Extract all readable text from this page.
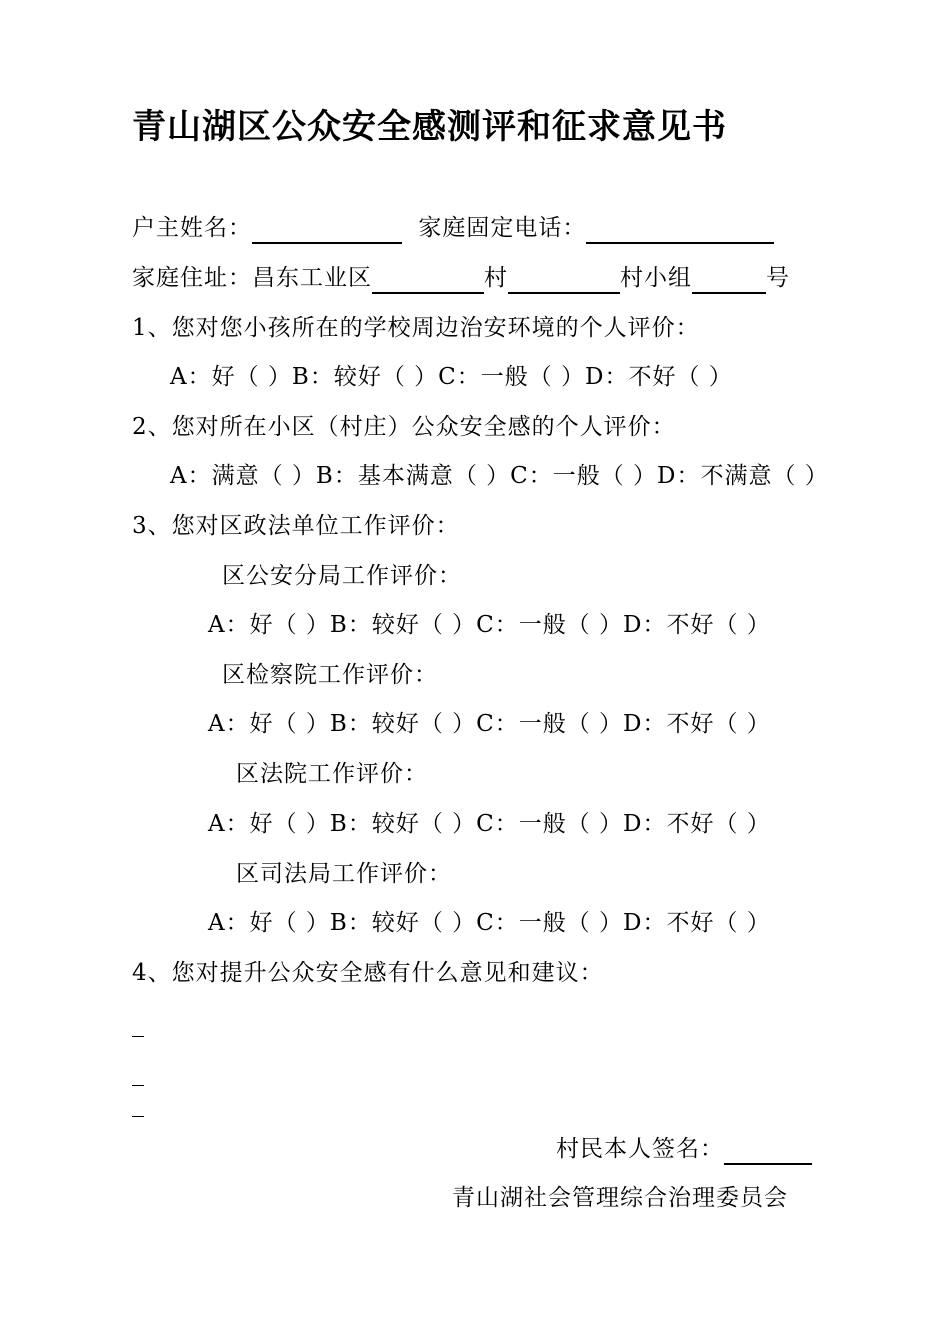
青山湖区公众安全感测评和征求意见书
户主姓名：	家庭固定电话：
家庭住址：昌东工业区	村	村小组	号
1、您对您小孩所在的学校周边治安环境的个人评价：
A：好（ ）B：较好（ ）C：一般（ ）D：不好（ ）
2、您对所在小区（村庄）公众安全感的个人评价：
A：满意（ ）B：基本满意（ ）C：一般（ ）D：不满意（ ）
3、您对区政法单位工作评价：
区公安分局工作评价：
A：好（ ）B：较好（ ）C：一般（ ）D：不好（ ）
区检察院工作评价：
A：好（ ）B：较好（ ）C：一般（ ）D：不好（ ）
区法院工作评价：
A：好（ ）B：较好（ ）C：一般（ ）D：不好（ ）
区司法局工作评价：
A：好（ ）B：较好（ ）C：一般（ ）D：不好（ ）
4、您对提升公众安全感有什么意见和建议：
村民本人签名：
青山湖社会管理综合治理委员会
